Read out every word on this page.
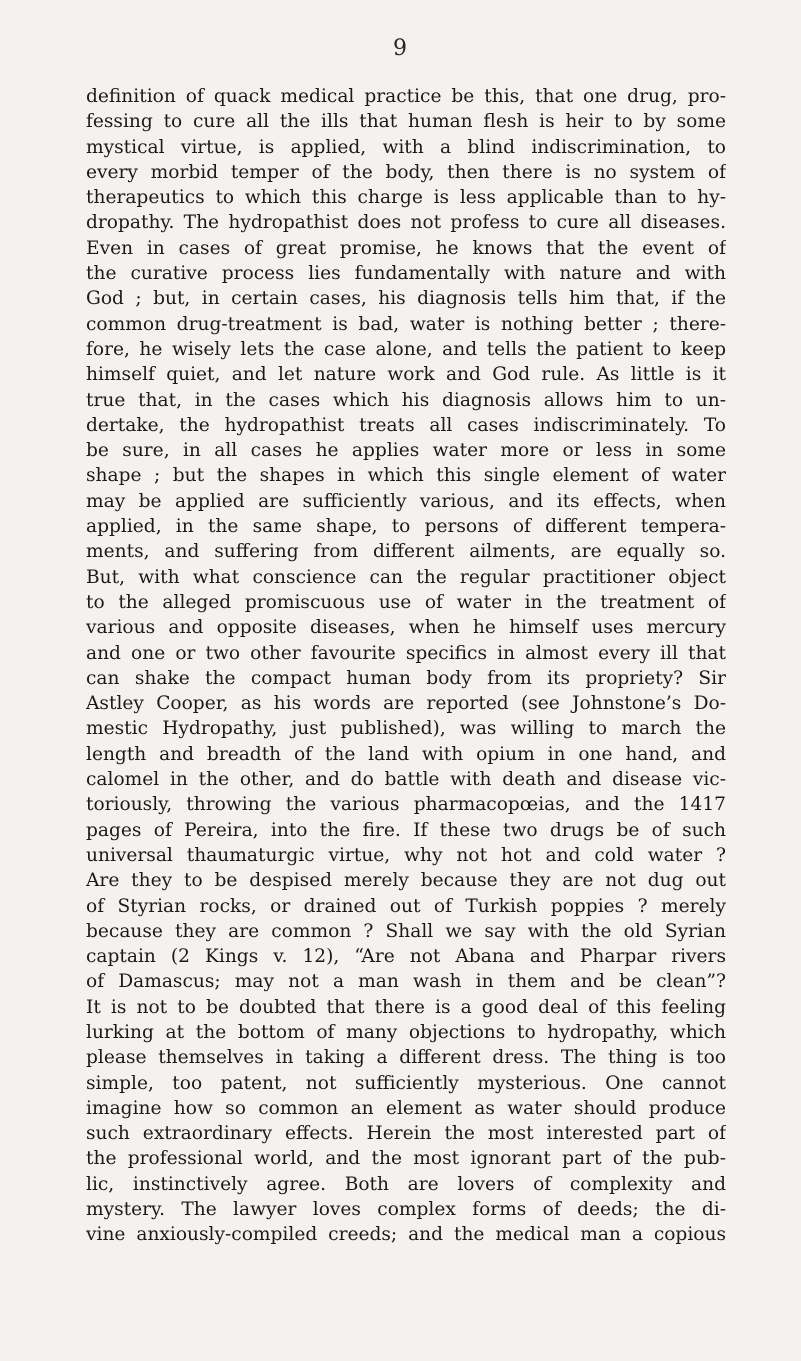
9
definition of quack medical practice be this, that one drug, pro-
fessing to cure all the ills that human flesh is heir to by some
mystical virtue, is applied, with a blind indiscrimination, to
every morbid temper of the body, then there is no system of
therapeutics to which this charge is less applicable than to hy-
dropathy. The hydropathist does not profess to cure all diseases.
Even in cases of great promise, he knows that the event of
the curative process lies fundamentally with nature and with
God ; but, in certain cases, his diagnosis tells him that, if the
common drug-treatment is bad, water is nothing better ; there-
fore, he wisely lets the case alone, and tells the patient to keep
himself quiet, and let nature work and God rule. As little is it
true that, in the cases which his diagnosis allows him to un-
dertake, the hydropathist treats all cases indiscriminately. To
be sure, in all cases he applies water more or less in some
shape ; but the shapes in which this single element of water
may be applied are sufficiently various, and its effects, when
applied, in the same shape, to persons of different tempera-
ments, and suffering from different ailments, are equally so.
But, with what conscience can the regular practitioner object
to the alleged promiscuous use of water in the treatment of
various and opposite diseases, when he himself uses mercury
and one or two other favourite specifics in almost every ill that
can shake the compact human body from its propriety? Sir
Astley Cooper, as his words are reported (see Johnstone’s Do-
mestic Hydropathy, just published), was willing to march the
length and breadth of the land with opium in one hand, and
calomel in the other, and do battle with death and disease vic-
toriously, throwing the various pharmacopœias, and the 1417
pages of Pereira, into the fire. If these two drugs be of such
universal thaumaturgic virtue, why not hot and cold water ?
Are they to be despised merely because they are not dug out
of Styrian rocks, or drained out of Turkish poppies ? merely
because they are common ? Shall we say with the old Syrian
captain (2 Kings v. 12), “Are not Abana and Pharpar rivers
of Damascus; may not a man wash in them and be clean”?
It is not to be doubted that there is a good deal of this feeling
lurking at the bottom of many objections to hydropathy, which
please themselves in taking a different dress. The thing is too
simple, too patent, not sufficiently mysterious. One cannot
imagine how so common an element as water should produce
such extraordinary effects. Herein the most interested part of
the professional world, and the most ignorant part of the pub-
lic, instinctively agree. Both are lovers of complexity and
mystery. The lawyer loves complex forms of deeds; the di-
vine anxiously-compiled creeds; and the medical man a copious
